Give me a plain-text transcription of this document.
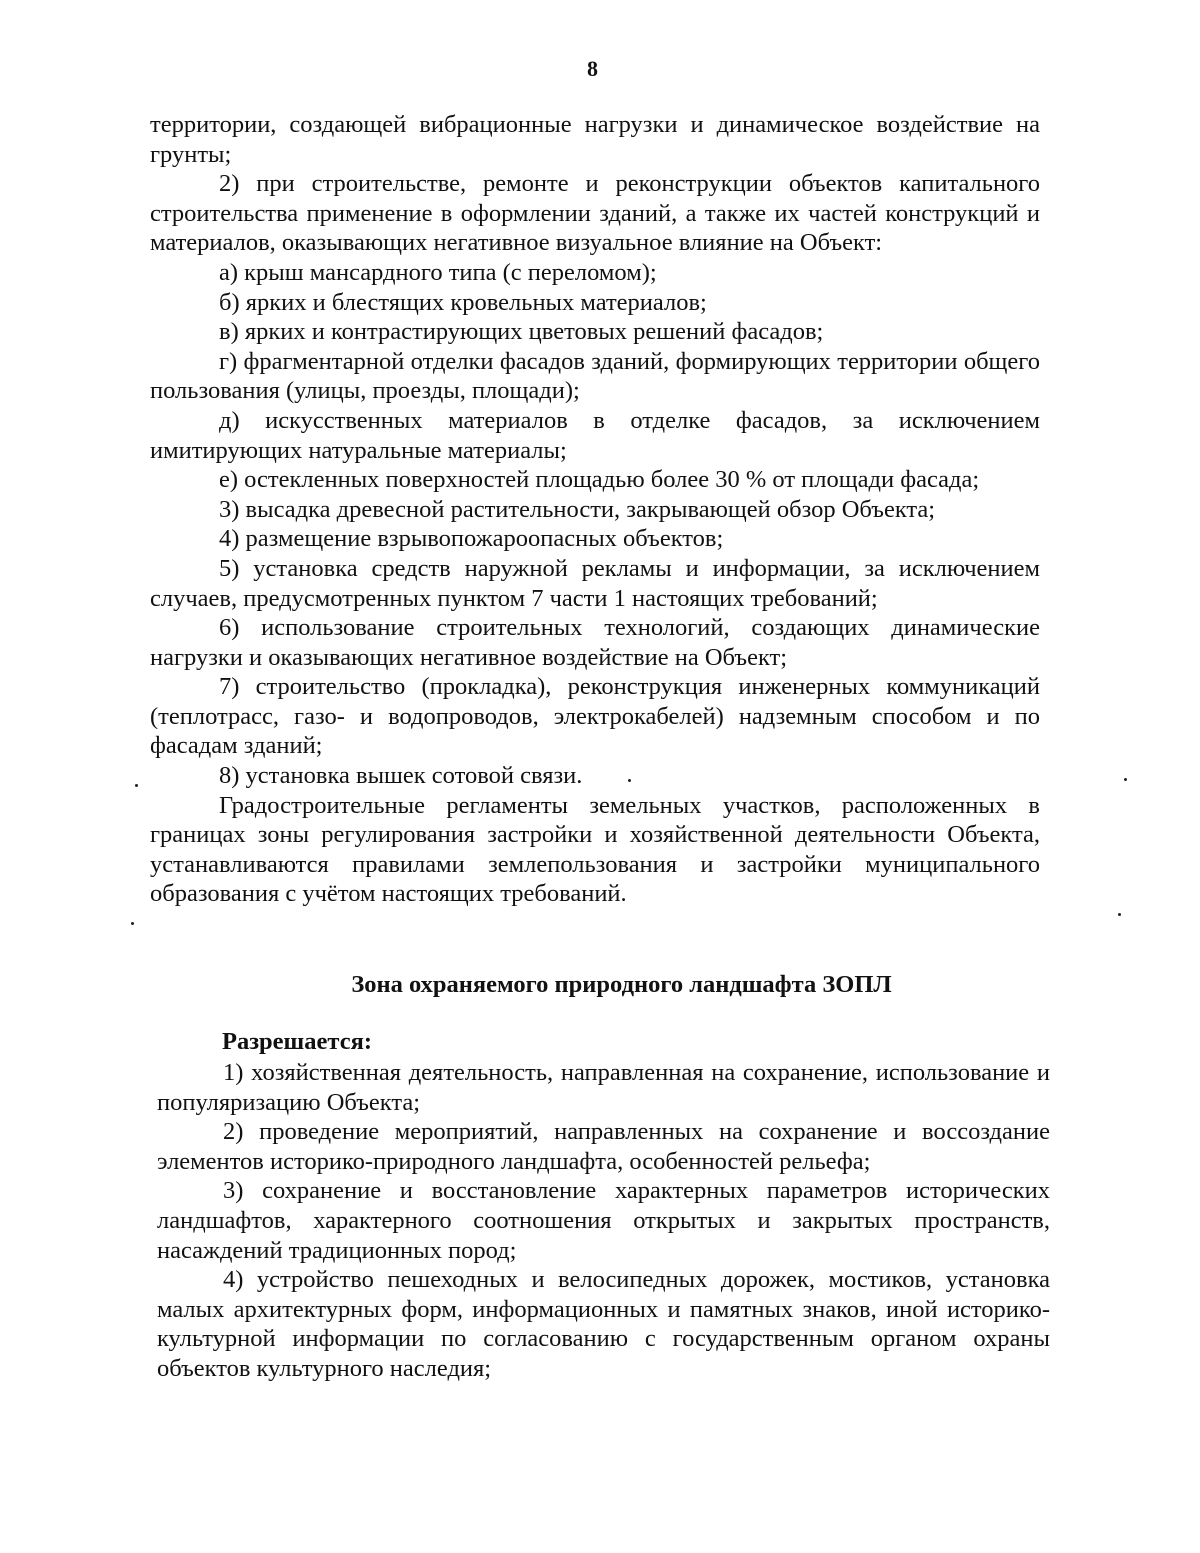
8

территории, создающей вибрационные нагрузки и динамическое воздействие на грунты;

2) при строительстве, ремонте и реконструкции объектов капитального строительства применение в оформлении зданий, а также их частей конструкций и материалов, оказывающих негативное визуальное влияние на Объект:

а) крыш мансардного типа (с переломом);

б) ярких и блестящих кровельных материалов;

в) ярких и контрастирующих цветовых решений фасадов;

г) фрагментарной отделки фасадов зданий, формирующих территории общего пользования (улицы, проезды, площади);

д) искусственных материалов в отделке фасадов, за исключением имитирующих натуральные материалы;

е) остекленных поверхностей площадью более 30 % от площади фасада;

3) высадка древесной растительности, закрывающей обзор Объекта;

4) размещение взрывопожароопасных объектов;

5) установка средств наружной рекламы и информации, за исключением случаев, предусмотренных пунктом 7 части 1 настоящих требований;

6) использование строительных технологий, создающих динамические нагрузки и оказывающих негативное воздействие на Объект;

7) строительство (прокладка), реконструкция инженерных коммуникаций (теплотрасс, газо- и водопроводов, электрокабелей) надземным способом и по фасадам зданий;

8) установка вышек сотовой связи.

Градостроительные регламенты земельных участков, расположенных в границах зоны регулирования застройки и хозяйственной деятельности Объекта, устанавливаются правилами землепользования и застройки муниципального образования с учётом настоящих требований.

Зона охраняемого природного ландшафта ЗОПЛ
Разрешается:

1) хозяйственная деятельность, направленная на сохранение, использование и популяризацию Объекта;

2) проведение мероприятий, направленных на сохранение и воссоздание элементов историко-природного ландшафта, особенностей рельефа;

3) сохранение и восстановление характерных параметров исторических ландшафтов, характерного соотношения открытых и закрытых пространств, насаждений традиционных пород;

4) устройство пешеходных и велосипедных дорожек, мостиков, установка малых архитектурных форм, информационных и памятных знаков, иной историко-культурной информации по согласованию с государственным органом охраны объектов культурного наследия;
